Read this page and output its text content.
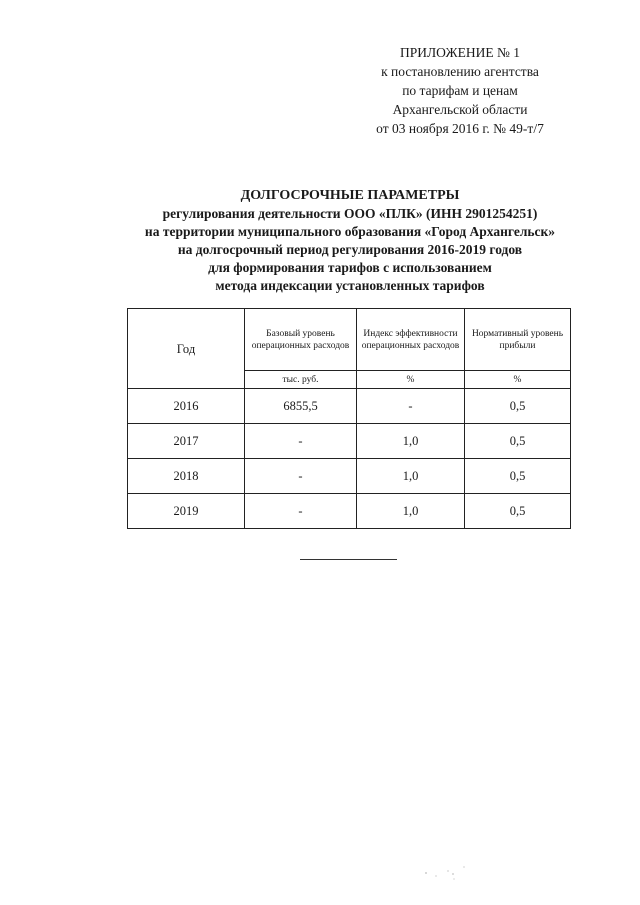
ПРИЛОЖЕНИЕ № 1
к постановлению агентства
по тарифам и ценам
Архангельской области
от 03 ноября 2016 г. № 49-т/7
ДОЛГОСРОЧНЫЕ ПАРАМЕТРЫ
регулирования деятельности ООО «ПЛК» (ИНН 2901254251)
на территории муниципального образования «Город Архангельск»
на долгосрочный период регулирования 2016-2019 годов
для формирования тарифов с использованием
метода индексации установленных тарифов
Год	Базовый уровень операционных расходов	Индекс эффективности операционных расходов	Нормативный уровень прибыли
	тыс. руб.	%	%
2016	6855,5	-	0,5
2017	-	1,0	0,5
2018	-	1,0	0,5
2019	-	1,0	0,5
